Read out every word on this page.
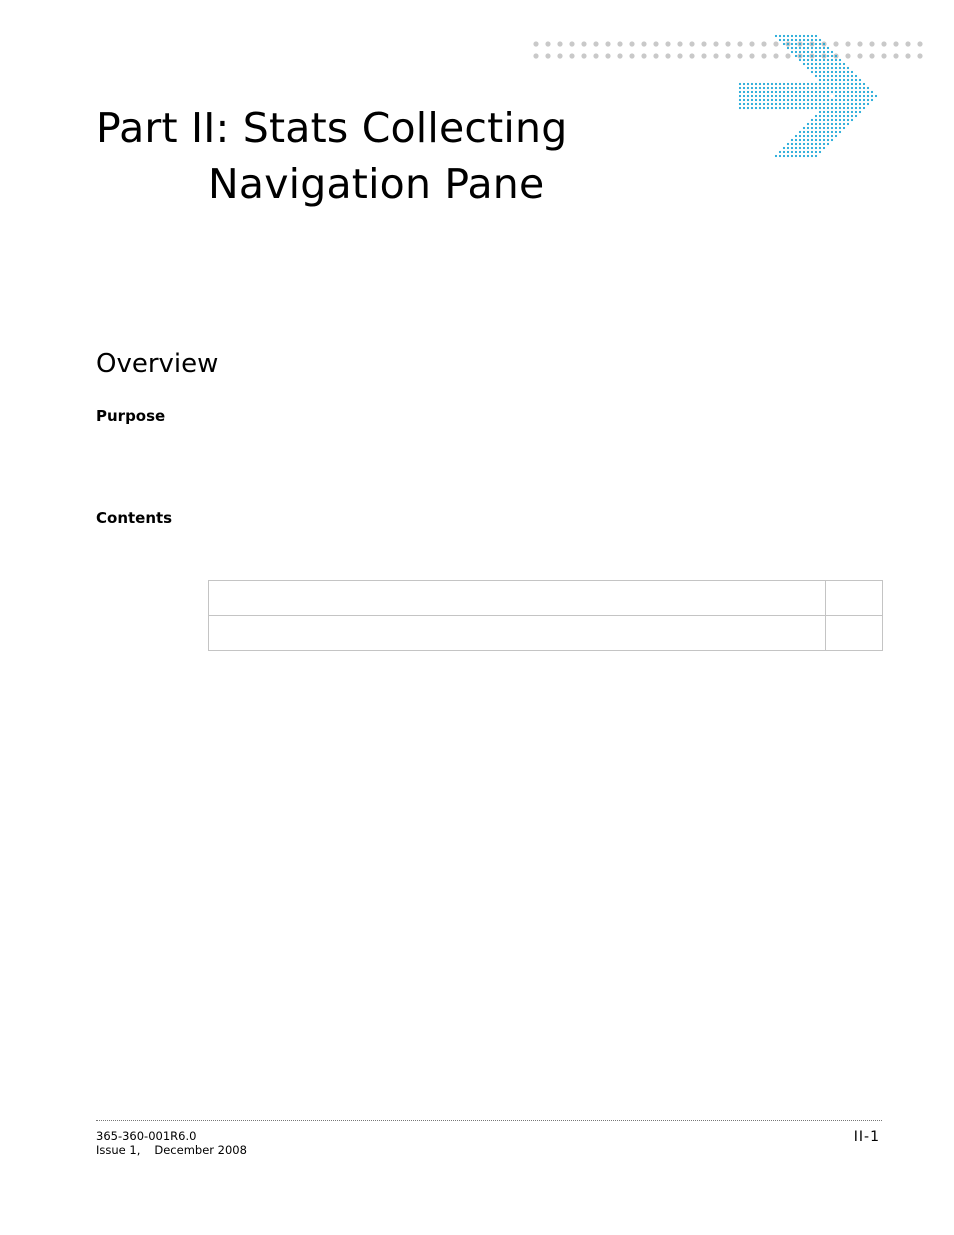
Part II: Stats Collecting
Navigation Pane
Overview
Purpose
Contents

365-360-001R6.0
Issue 1, December 2008
II-1
